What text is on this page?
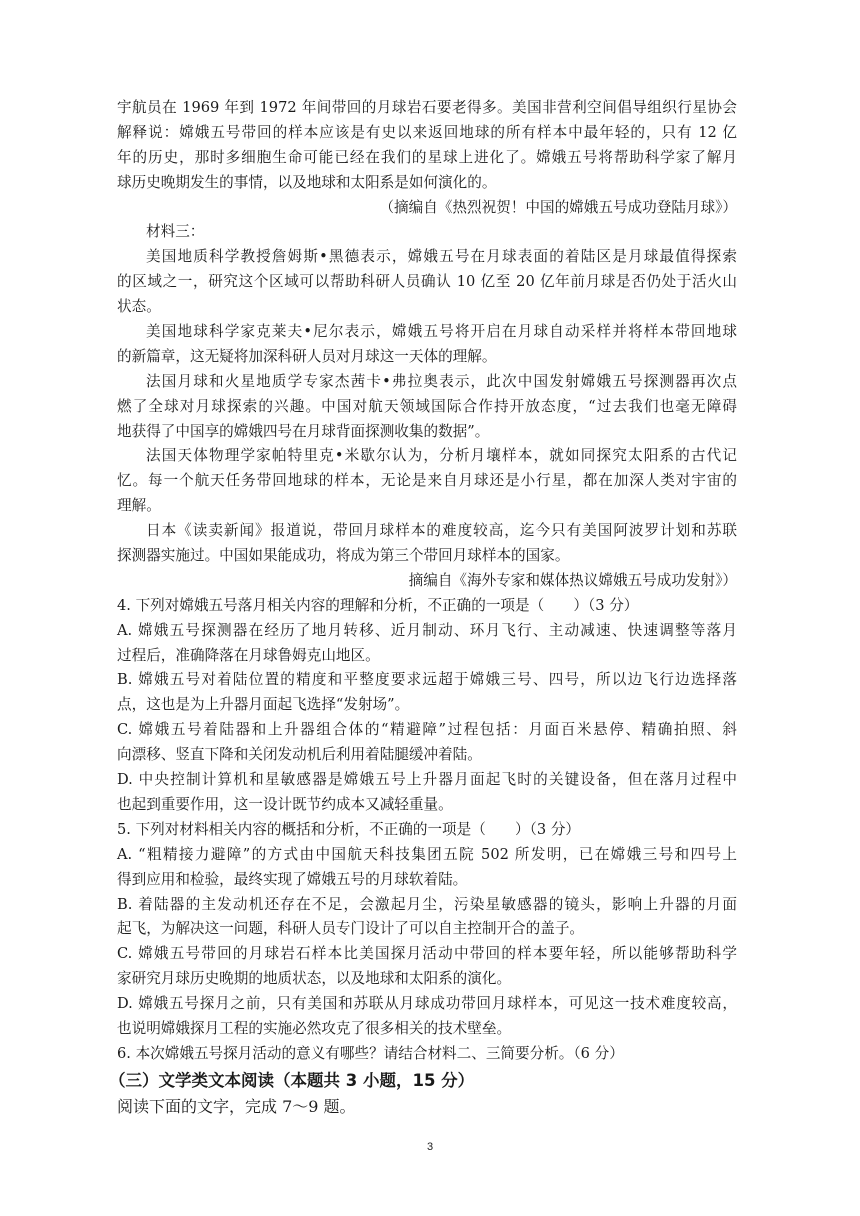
宇航员在 1969 年到 1972 年间带回的月球岩石要老得多。美国非营利空间倡导组织行星协会
解释说：嫦娥五号带回的样本应该是有史以来返回地球的所有样本中最年轻的，只有 12 亿
年的历史，那时多细胞生命可能已经在我们的星球上进化了。嫦娥五号将帮助科学家了解月
球历史晚期发生的事情，以及地球和太阳系是如何演化的。
（摘编自《热烈祝贺！中国的嫦娥五号成功登陆月球》）
材料三：
美国地质科学教授詹姆斯•黑德表示，嫦娥五号在月球表面的着陆区是月球最值得探索
的区域之一，研究这个区域可以帮助科研人员确认 10 亿至 20 亿年前月球是否仍处于活火山
状态。
美国地球科学家克莱夫•尼尔表示，嫦娥五号将开启在月球自动采样并将样本带回地球
的新篇章，这无疑将加深科研人员对月球这一天体的理解。
法国月球和火星地质学专家杰茜卡•弗拉奥表示，此次中国发射嫦娥五号探测器再次点
燃了全球对月球探索的兴趣。中国对航天领域国际合作持开放态度，“过去我们也毫无障碍
地获得了中国享的嫦娥四号在月球背面探测收集的数据”。
法国天体物理学家帕特里克•米歇尔认为，分析月壤样本，就如同探究太阳系的古代记
忆。每一个航天任务带回地球的样本，无论是来自月球还是小行星，都在加深人类对宇宙的
理解。
日本《读卖新闻》报道说，带回月球样本的难度较高，迄今只有美国阿波罗计划和苏联
探测器实施过。中国如果能成功，将成为第三个带回月球样本的国家。
摘编自《海外专家和媒体热议嫦娥五号成功发射》）
4. 下列对嫦娥五号落月相关内容的理解和分析，不正确的一项是（　　）（3 分）
A. 嫦娥五号探测器在经历了地月转移、近月制动、环月飞行、主动减速、快速调整等落月
过程后，准确降落在月球鲁姆克山地区。
B. 嫦娥五号对着陆位置的精度和平整度要求远超于嫦娥三号、四号，所以边飞行边选择落
点，这也是为上升器月面起飞选择“发射场”。
C. 嫦娥五号着陆器和上升器组合体的“精避障”过程包括：月面百米悬停、精确拍照、斜
向漂移、竖直下降和关闭发动机后利用着陆腿缓冲着陆。
D. 中央控制计算机和星敏感器是嫦娥五号上升器月面起飞时的关键设备，但在落月过程中
也起到重要作用，这一设计既节约成本又减轻重量。
5. 下列对材料相关内容的概括和分析，不正确的一项是（　　）（3 分）
A. “粗精接力避障”的方式由中国航天科技集团五院 502 所发明，已在嫦娥三号和四号上
得到应用和检验，最终实现了嫦娥五号的月球软着陆。
B. 着陆器的主发动机还存在不足，会激起月尘，污染星敏感器的镜头，影响上升器的月面
起飞，为解决这一问题，科研人员专门设计了可以自主控制开合的盖子。
C. 嫦娥五号带回的月球岩石样本比美国探月活动中带回的样本要年轻，所以能够帮助科学
家研究月球历史晚期的地质状态，以及地球和太阳系的演化。
D. 嫦娥五号探月之前，只有美国和苏联从月球成功带回月球样本，可见这一技术难度较高，
也说明嫦娥探月工程的实施必然攻克了很多相关的技术壁垒。
6. 本次嫦娥五号探月活动的意义有哪些？请结合材料二、三简要分析。（6 分）
（三）文学类文本阅读（本题共 3 小题，15 分）
阅读下面的文字，完成 7～9 题。
3
